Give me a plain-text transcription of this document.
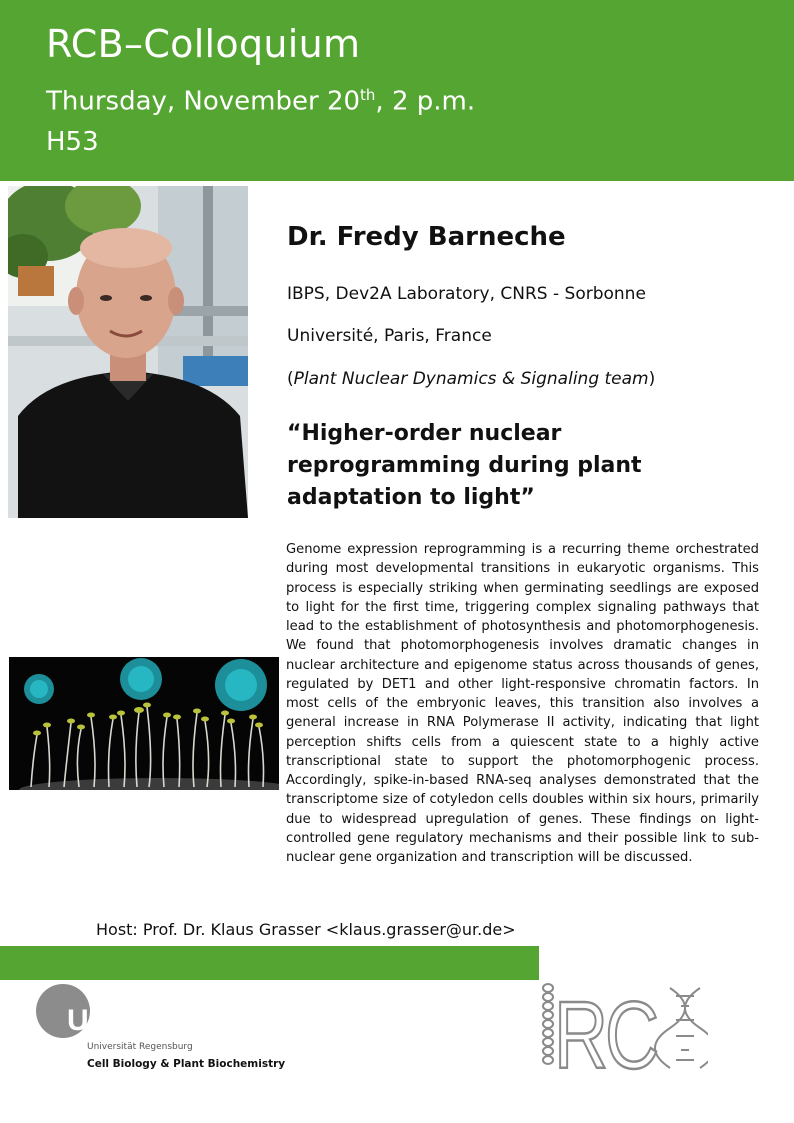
RCB–Colloquium
Thursday, November 20th, 2 p.m.
H53
Dr. Fredy Barneche
IBPS, Dev2A Laboratory, CNRS - Sorbonne
Université, Paris, France
(Plant Nuclear Dynamics & Signaling team)
“Higher-order nuclear reprogramming during plant adaptation to light”
Genome expression reprogramming is a recurring theme orchestrated during most developmental transitions in eukaryotic organisms. This process is especially striking when germinating seedlings are exposed to light for the first time, triggering complex signaling pathways that lead to the establishment of photosynthesis and photomorphogenesis. We found that photomorphogenesis involves dramatic changes in nuclear architecture and epigenome status across thousands of genes, regulated by DET1 and other light-responsive chromatin factors. In most cells of the embryonic leaves, this transition also involves a general increase in RNA Polymerase II activity, indicating that light perception shifts cells from a quiescent state to a highly active transcriptional state to support the photomorphogenic process. Accordingly, spike-in-based RNA-seq analyses demonstrated that the transcriptome size of cotyledon cells doubles within six hours, primarily due to widespread upregulation of genes. These findings on light-controlled gene regulatory mechanisms and their possible link to sub-nuclear gene organization and transcription will be discussed.
Host: Prof. Dr. Klaus Grasser <klaus.grasser@ur.de>
UR
Universität Regensburg
Cell Biology & Plant Biochemistry	RC
